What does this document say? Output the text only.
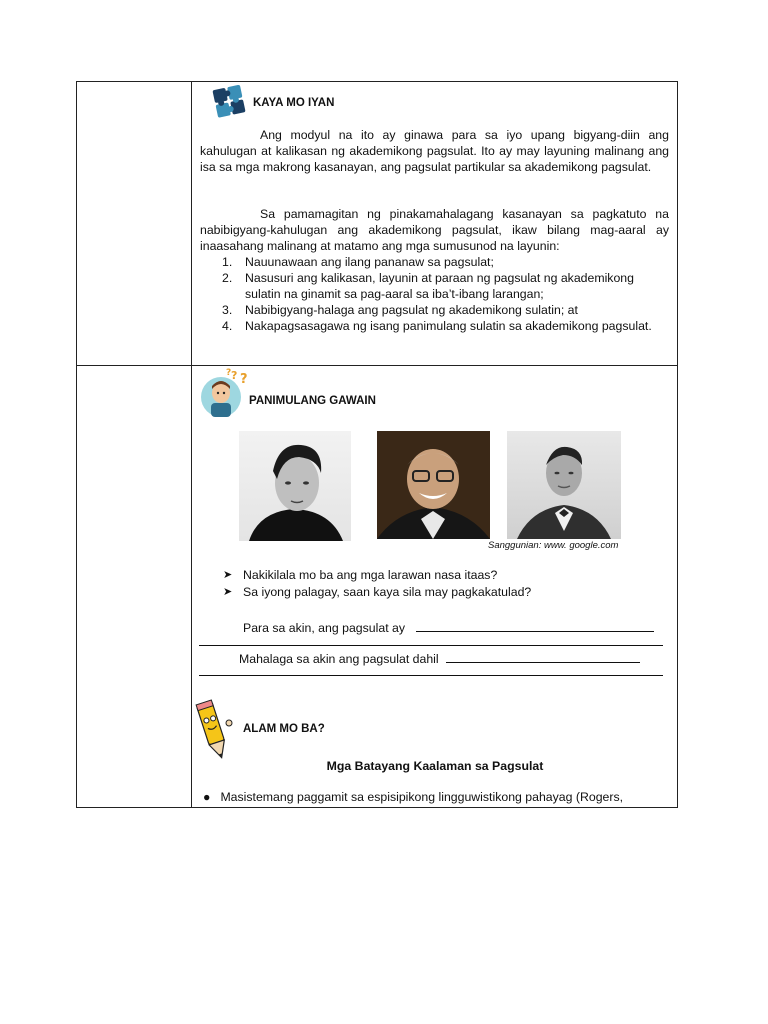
KAYA MO IYAN
Ang modyul na ito ay ginawa para sa iyo upang bigyang-diin ang kahulugan at kalikasan ng akademikong pagsulat. Ito ay may layuning malinang ang isa sa mga makrong kasanayan, ang pagsulat partikular sa akademikong pagsulat.
Sa pamamagitan ng pinakamahalagang kasanayan sa pagkatuto na nabibigyang-kahulugan ang akademikong pagsulat, ikaw bilang mag-aaral ay inaasahang malinang at matamo ang mga sumusunod na layunin:
1. Nauunawaan ang ilang pananaw sa pagsulat;
2. Nasusuri ang kalikasan, layunin at paraan ng pagsulat ng akademikong sulatin na ginamit sa pag-aaral sa iba’t-ibang larangan;
3. Nabibigyang-halaga ang pagsulat ng akademikong sulatin; at
4. Nakapagsasagawa ng isang panimulang sulatin sa akademikong pagsulat.
? ?
?
PANIMULANG GAWAIN
Sanggunian: www. google.com
➤ Nakikilala mo ba ang mga larawan nasa itaas?
➤ Sa iyong palagay, saan kaya sila may pagkakatulad?
Para sa akin, ang pagsulat ay
Mahalaga sa akin ang pagsulat dahil
ALAM MO BA?
Mga Batayang Kaalaman sa Pagsulat
● Masistemang paggamit sa espisipikong lingguwistikong pahayag (Rogers,
